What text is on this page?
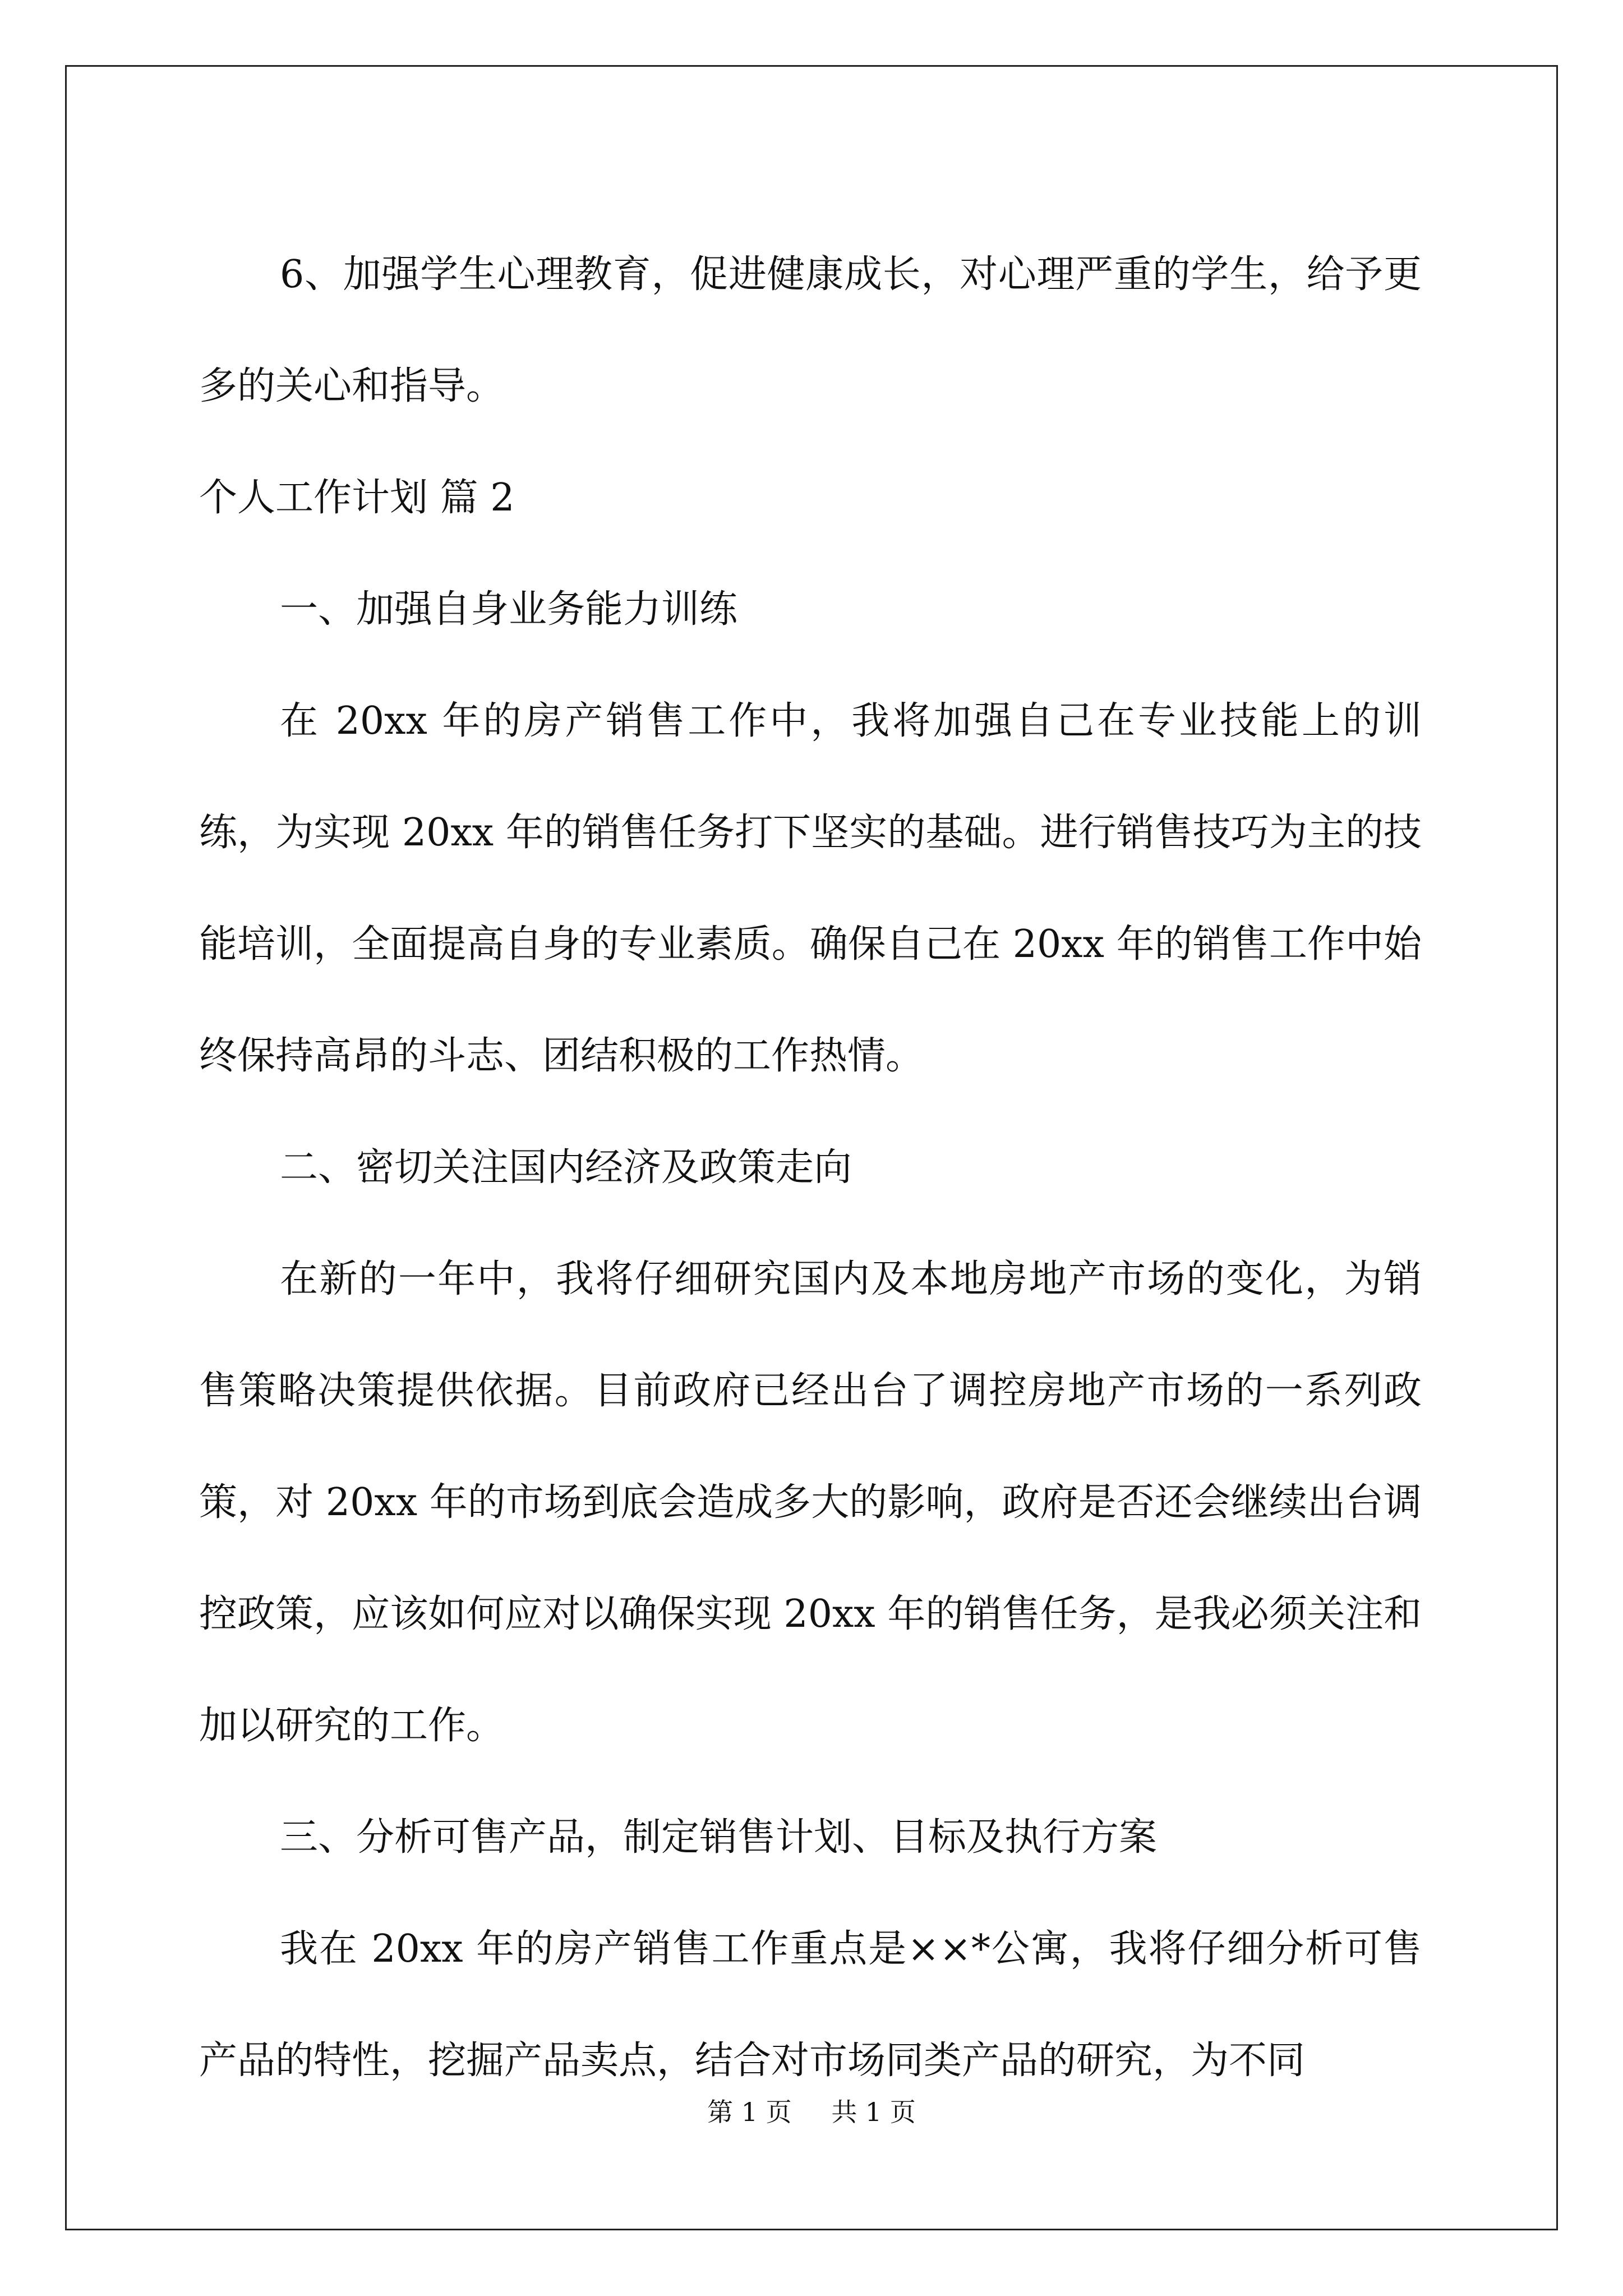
6、加强学生心理教育，促进健康成长，对心理严重的学生，给予更多的关心和指导。

个人工作计划 篇 2

一、加强自身业务能力训练

在 20xx 年的房产销售工作中，我将加强自己在专业技能上的训练，为实现 20xx 年的销售任务打下坚实的基础。进行销售技巧为主的技能培训，全面提高自身的专业素质。确保自己在 20xx 年的销售工作中始终保持高昂的斗志、团结积极的工作热情。

二、密切关注国内经济及政策走向

在新的一年中，我将仔细研究国内及本地房地产市场的变化，为销售策略决策提供依据。目前政府已经出台了调控房地产市场的一系列政策，对 20xx 年的市场到底会造成多大的影响，政府是否还会继续出台调控政策，应该如何应对以确保实现 20xx 年的销售任务，是我必须关注和加以研究的工作。

三、分析可售产品，制定销售计划、目标及执行方案

我在 20xx 年的房产销售工作重点是××*公寓，我将仔细分析可售产品的特性，挖掘产品卖点，结合对市场同类产品的研究，为不同

第 1 页 共 1 页
